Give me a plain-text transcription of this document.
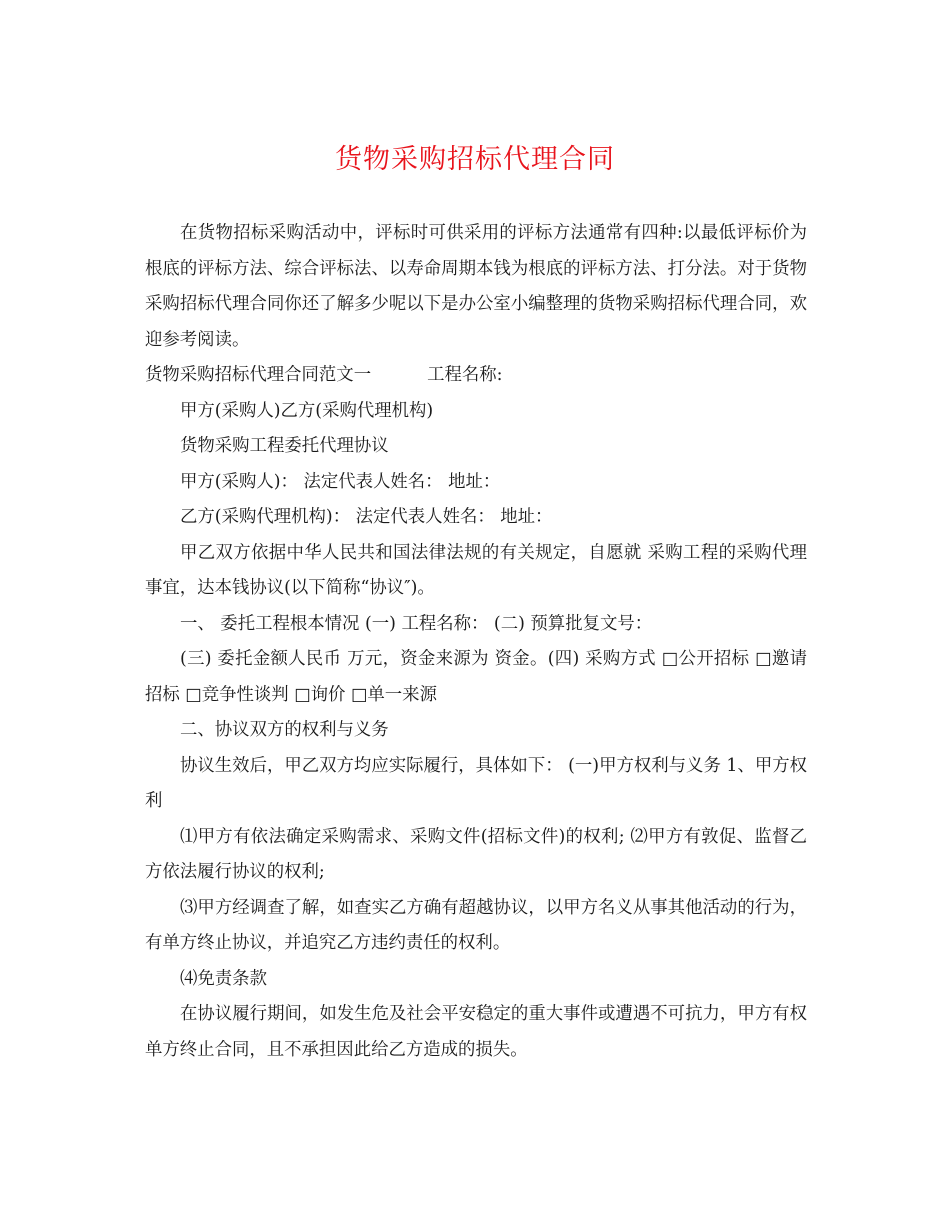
货物采购招标代理合同

在货物招标采购活动中，评标时可供采用的评标方法通常有四种:以最低评标价为根底的评标方法、综合评标法、以寿命周期本钱为根底的评标方法、打分法。对于货物采购招标代理合同你还了解多少呢以下是办公室小编整理的货物采购招标代理合同，欢迎参考阅读。

货物采购招标代理合同范文一	工程名称:

甲方(采购人)乙方(采购代理机构)

货物采购工程委托代理协议

甲方(采购人)： 法定代表人姓名： 地址：

乙方(采购代理机构)： 法定代表人姓名： 地址：

甲乙双方依据中华人民共和国法律法规的有关规定，自愿就 采购工程的采购代理事宜，达本钱协议(以下简称“协议″)。

一、 委托工程根本情况 (一) 工程名称： (二) 预算批复文号：

(三) 委托金额人民币 万元，资金来源为 资金。(四) 采购方式 □公开招标 □邀请招标 □竞争性谈判 □询价 □单一来源

二、协议双方的权利与义务

协议生效后，甲乙双方均应实际履行，具体如下： (一)甲方权利与义务 1、甲方权利

⑴甲方有依法确定采购需求、采购文件(招标文件)的权利; ⑵甲方有敦促、监督乙方依法履行协议的权利;

⑶甲方经调查了解，如查实乙方确有超越协议，以甲方名义从事其他活动的行为，有单方终止协议，并追究乙方违约责任的权利。

⑷免责条款

在协议履行期间，如发生危及社会平安稳定的重大事件或遭遇不可抗力，甲方有权单方终止合同，且不承担因此给乙方造成的损失。
